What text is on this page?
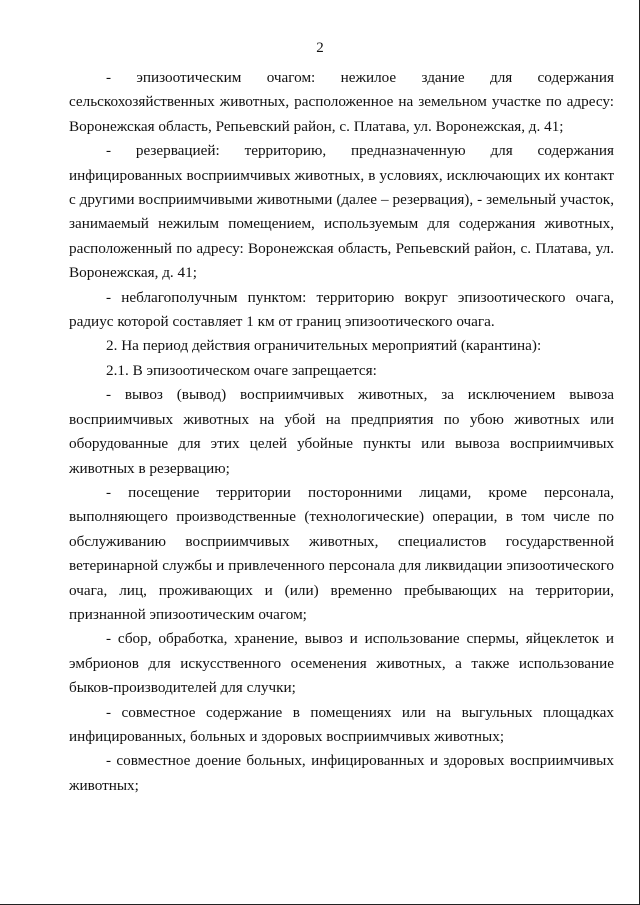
2

- эпизоотическим очагом: нежилое здание для содержания сельскохозяйственных животных, расположенное на земельном участке по адресу: Воронежская область, Репьевский район, с. Платава, ул. Воронежская, д. 41;

- резервацией: территорию, предназначенную для содержания инфицированных восприимчивых животных, в условиях, исключающих их контакт с другими восприимчивыми животными (далее – резервация), - земельный участок, занимаемый нежилым помещением, используемым для содержания животных, расположенный по адресу: Воронежская область, Репьевский район, с. Платава, ул. Воронежская, д. 41;

- неблагополучным пунктом: территорию вокруг эпизоотического очага, радиус которой составляет 1 км от границ эпизоотического очага.

2. На период действия ограничительных мероприятий (карантина):

2.1. В эпизоотическом очаге запрещается:

- вывоз (вывод) восприимчивых животных, за исключением вывоза восприимчивых животных на убой на предприятия по убою животных или оборудованные для этих целей убойные пункты или вывоза восприимчивых животных в резервацию;

- посещение территории посторонними лицами, кроме персонала, выполняющего производственные (технологические) операции, в том числе по обслуживанию восприимчивых животных, специалистов государственной ветеринарной службы и привлеченного персонала для ликвидации эпизоотического очага, лиц, проживающих и (или) временно пребывающих на территории, признанной эпизоотическим очагом;

- сбор, обработка, хранение, вывоз и использование спермы, яйцеклеток и эмбрионов для искусственного осеменения животных, а также использование быков-производителей для случки;

- совместное содержание в помещениях или на выгульных площадках инфицированных, больных и здоровых восприимчивых животных;

- совместное доение больных, инфицированных и здоровых восприимчивых животных;
